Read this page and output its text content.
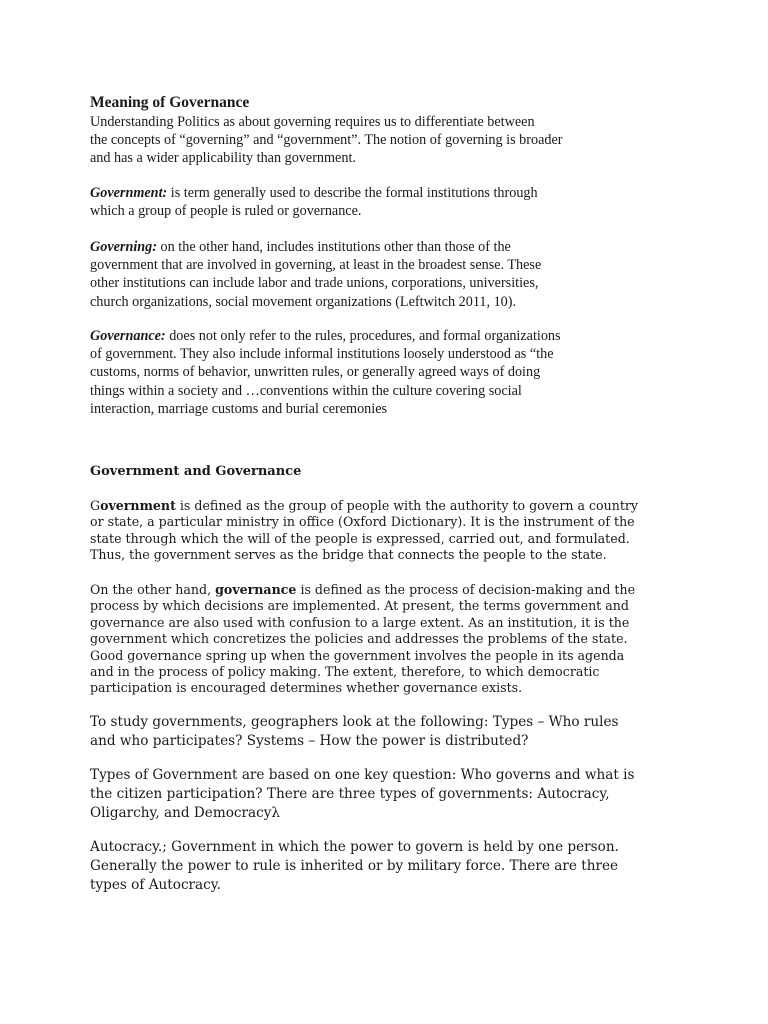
Meaning of Governance
Understanding Politics as about governing requires us to differentiate between
the concepts of “governing” and “government”. The notion of governing is broader
and has a wider applicability than government.
Government: is term generally used to describe the formal institutions through
which a group of people is ruled or governance.
Governing: on the other hand, includes institutions other than those of the
government that are involved in governing, at least in the broadest sense. These
other institutions can include labor and trade unions, corporations, universities,
church organizations, social movement organizations (Leftwitch 2011, 10).
Governance: does not only refer to the rules, procedures, and formal organizations
of government. They also include informal institutions loosely understood as “the
customs, norms of behavior, unwritten rules, or generally agreed ways of doing
things within a society and …conventions within the culture covering social
interaction, marriage customs and burial ceremonies
Government and Governance
Government is defined as the group of people with the authority to govern a country
or state, a particular ministry in office (Oxford Dictionary). It is the instrument of the
state through which the will of the people is expressed, carried out, and formulated.
Thus, the government serves as the bridge that connects the people to the state.
On the other hand, governance is defined as the process of decision-making and the
process by which decisions are implemented. At present, the terms government and
governance are also used with confusion to a large extent. As an institution, it is the
government which concretizes the policies and addresses the problems of the state.
Good governance spring up when the government involves the people in its agenda
and in the process of policy making. The extent, therefore, to which democratic
participation is encouraged determines whether governance exists.
To study governments, geographers look at the following: Types – Who rules
and who participates? Systems – How the power is distributed?
Types of Government are based on one key question: Who governs and what is
the citizen participation? There are three types of governments: Autocracy,
Oligarchy, and Democracyλ
Autocracy.; Government in which the power to govern is held by one person.
Generally the power to rule is inherited or by military force. There are three
types of Autocracy.
